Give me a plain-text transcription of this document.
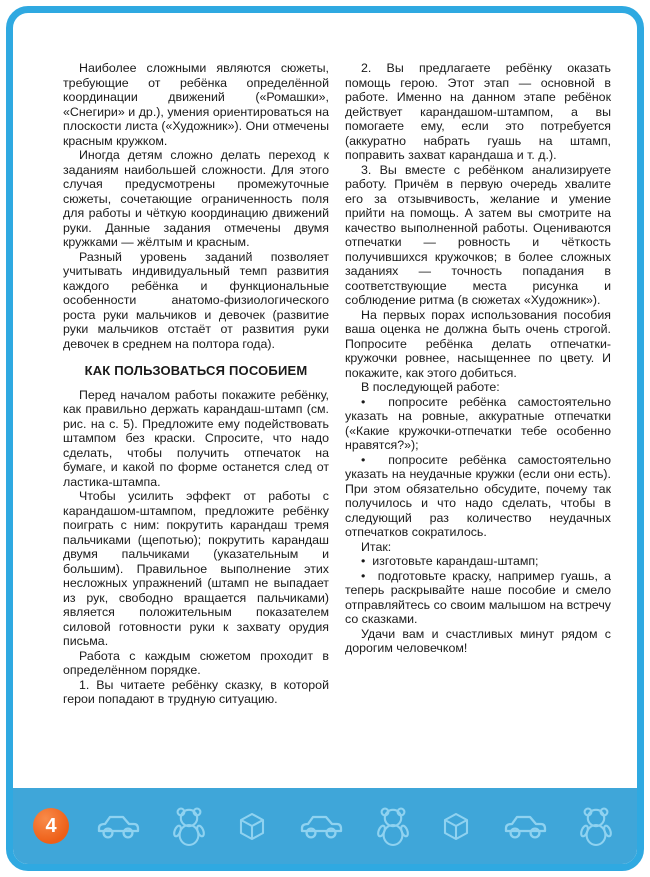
Наиболее сложными являются сюжеты, требующие от ребёнка определённой координации движений («Ромашки», «Снегири» и др.), умения ориентироваться на плоскости листа («Художник»). Они отмечены красным кружком.

Иногда детям сложно делать переход к заданиям наибольшей сложности. Для этого случая предусмотрены промежуточные сюжеты, сочетающие ограниченность поля для работы и чёткую координацию движений руки. Данные задания отмечены двумя кружками — жёлтым и красным.

Разный уровень заданий позволяет учитывать индивидуальный темп развития каждого ребёнка и функциональные особенности анатомо-физиологического роста руки мальчиков и девочек (развитие руки мальчиков отстаёт от развития руки девочек в среднем на полтора года).

КАК ПОЛЬЗОВАТЬСЯ ПОСОБИЕМ

Перед началом работы покажите ребёнку, как правильно держать карандаш-штамп (см. рис. на с. 5). Предложите ему подействовать штампом без краски. Спросите, что надо сделать, чтобы получить отпечаток на бумаге, и какой по форме останется след от ластика-штампа.

Чтобы усилить эффект от работы с карандашом-штампом, предложите ребёнку поиграть с ним: покрутить карандаш тремя пальчиками (щепотью); покрутить карандаш двумя пальчиками (указательным и большим). Правильное выполнение этих несложных упражнений (штамп не выпадает из рук, свободно вращается пальчиками) является положительным показателем силовой готовности руки к захвату орудия письма.

Работа с каждым сюжетом проходит в определённом порядке.

1. Вы читаете ребёнку сказку, в которой герои попадают в трудную ситуацию.

2. Вы предлагаете ребёнку оказать помощь герою. Этот этап — основной в работе. Именно на данном этапе ребёнок действует карандашом-штампом, а вы помогаете ему, если это потребуется (аккуратно набрать гуашь на штамп, поправить захват карандаша и т. д.).

3. Вы вместе с ребёнком анализируете работу. Причём в первую очередь хвалите его за отзывчивость, желание и умение прийти на помощь. А затем вы смотрите на качество выполненной работы. Оцениваются отпечатки — ровность и чёткость получившихся кружочков; в более сложных заданиях — точность попадания в соответствующие места рисунка и соблюдение ритма (в сюжетах «Художник»).

На первых порах использования пособия ваша оценка не должна быть очень строгой. Попросите ребёнка делать отпечатки-кружочки ровнее, насыщеннее по цвету. И покажите, как этого добиться.

В последующей работе:

•  попросите ребёнка самостоятельно указать на ровные, аккуратные отпечатки («Какие кружочки-отпечатки тебе особенно нравятся?»);

•  попросите ребёнка самостоятельно указать на неудачные кружки (если они есть). При этом обязательно обсудите, почему так получилось и что надо сделать, чтобы в следующий раз количество неудачных отпечатков сократилось.

Итак:

•  изготовьте карандаш-штамп;

•  подготовьте краску, например гуашь, а теперь раскрывайте наше пособие и смело отправляйтесь со своим малышом на встречу со сказками.

Удачи вам и счастливых минут рядом с дорогим человечком!

4
